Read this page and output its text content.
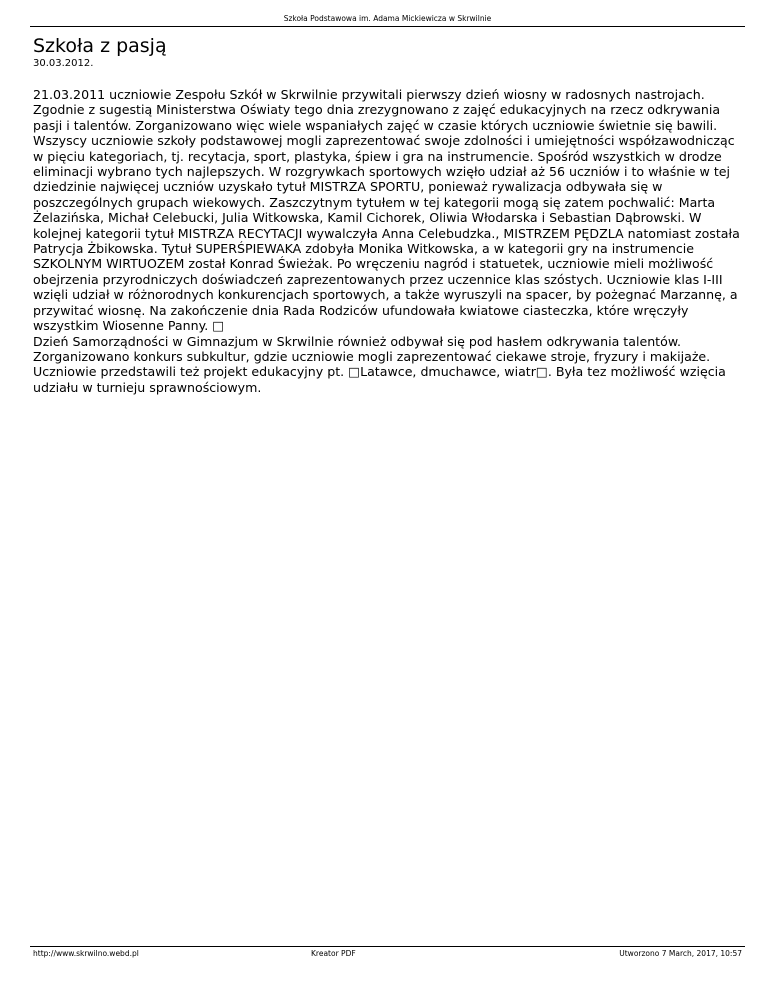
Szkoła Podstawowa im. Adama Mickiewicza w Skrwilnie
Szkoła z pasją
30.03.2012.

21.03.2011 uczniowie Zespołu Szkół w Skrwilnie przywitali pierwszy dzień wiosny w radosnych nastrojach. Zgodnie z sugestią Ministerstwa Oświaty tego dnia zrezygnowano z zajęć edukacyjnych na rzecz odkrywania pasji i talentów. Zorganizowano więc wiele wspaniałych zajęć w czasie których uczniowie świetnie się bawili.

Wszyscy uczniowie szkoły podstawowej mogli zaprezentować swoje zdolności i umiejętności współzawodnicząc w pięciu kategoriach, tj. recytacja, sport, plastyka, śpiew i gra na instrumencie. Spośród wszystkich w drodze eliminacji wybrano tych najlepszych. W rozgrywkach sportowych wzięło udział aż 56 uczniów i to właśnie w tej dziedzinie najwięcej uczniów uzyskało tytuł MISTRZA SPORTU, ponieważ rywalizacja odbywała się w poszczególnych grupach wiekowych. Zaszczytnym tytułem w tej kategorii mogą się zatem pochwalić: Marta Żelazińska, Michał Celebucki, Julia Witkowska, Kamil Cichorek, Oliwia Włodarska i Sebastian Dąbrowski. W kolejnej kategorii tytuł MISTRZA RECYTACJI wywalczyła Anna Celebudzka., MISTRZEM PĘDZLA natomiast została Patrycja Żbikowska. Tytuł SUPERŚPIEWAKA zdobyła Monika Witkowska, a w kategorii gry na instrumencie SZKOLNYM WIRTUOZEM został Konrad Świeżak. Po wręczeniu nagród i statuetek, uczniowie mieli możliwość obejrzenia przyrodniczych doświadczeń zaprezentowanych przez uczennice klas szóstych. Uczniowie klas I-III wzięli udział w różnorodnych konkurencjach sportowych, a także wyruszyli na spacer, by pożegnać Marzannę, a przywitać wiosnę. Na zakończenie dnia Rada Rodziców ufundowała kwiatowe ciasteczka, które wręczyły wszystkim Wiosenne Panny. □

Dzień Samorządności w Gimnazjum w Skrwilnie również odbywał się pod hasłem odkrywania talentów. Zorganizowano konkurs subkultur, gdzie uczniowie mogli zaprezentować ciekawe stroje, fryzury i makijaże. Uczniowie przedstawili też projekt edukacyjny pt. □Latawce, dmuchawce, wiatr□. Była tez możliwość wzięcia udziału w turnieju sprawnościowym.

http://www.skrwilno.webd.pl	Kreator PDF	Utworzono 7 March, 2017, 10:57
